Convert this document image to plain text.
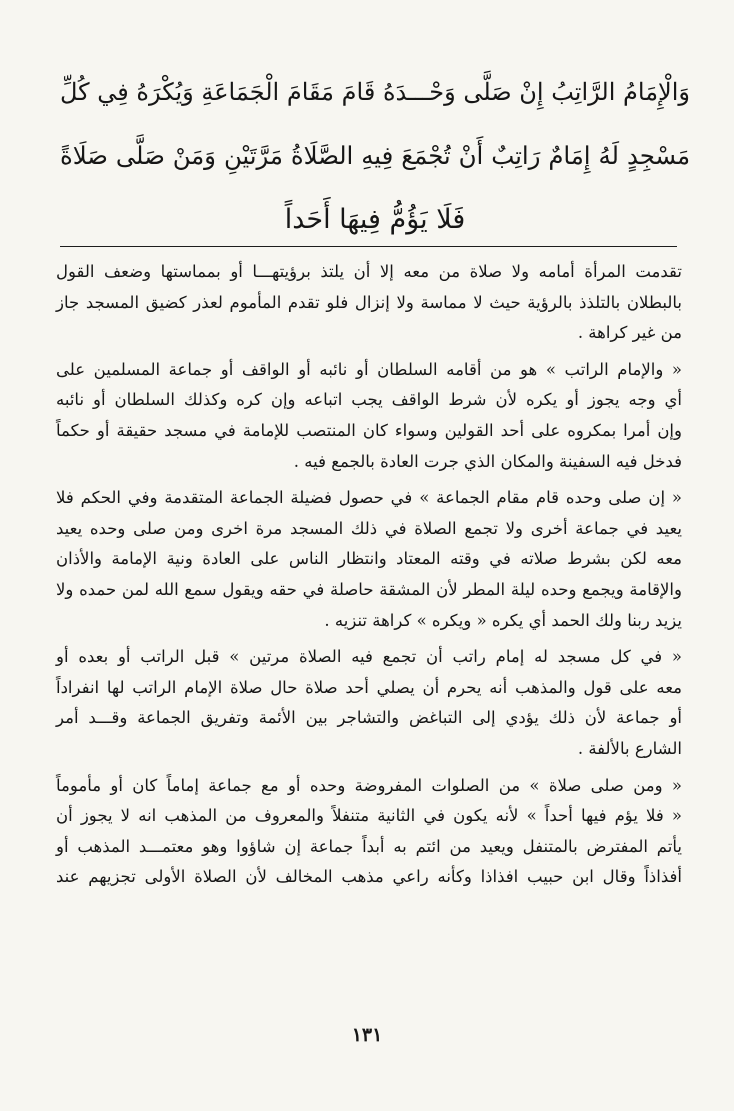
وَالْإِمَامُ الرَّاتِبُ إِنْ صَلَّى وَحْـــدَهُ قَامَ مَقَامَ الْجَمَاعَةِ وَيُكْرَهُ فِي كُلِّ
مَسْجِدٍ لَهُ إِمَامٌ رَاتِبٌ أَنْ تُجْمَعَ فِيهِ الصَّلَاةُ مَرَّتَيْنِ وَمَنْ صَلَّى صَلَاةً
فَلَا يَؤُمُّ فِيهَا أَحَداً
تقدمت المرأة أمامه ولا صلاة من معه إلا أن يلتذ برؤيتهـــا أو بمماستها وضعف القول
بالبطلان بالتلذذ بالرؤية حيث لا مماسة ولا إنزال فلو تقدم المأموم لعذر كضيق المسجد جاز
من غير كراهة .
« والإمام الراتب » هو من أقامه السلطان أو نائبه أو الواقف أو جماعة المسلمين على
أي وجه يجوز أو يكره لأن شرط الواقف يجب اتباعه وإن كره وكذلك السلطان أو نائبه
وإن أمرا بمكروه على أحد القولين وسواء كان المنتصب للإمامة في مسجد حقيقة أو حكماً
فدخل فيه السفينة والمكان الذي جرت العادة بالجمع فيه .
« إن صلى وحده قام مقام الجماعة » في حصول فضيلة الجماعة المتقدمة وفي الحكم فلا
يعيد في جماعة أخرى ولا تجمع الصلاة في ذلك المسجد مرة اخرى ومن صلى وحده يعيد
معه لكن بشرط صلاته في وقته المعتاد وانتظار الناس على العادة ونية الإمامة والأذان
والإقامة ويجمع وحده ليلة المطر لأن المشقة حاصلة في حقه ويقول سمع الله لمن حمده ولا
يزيد ربنا ولك الحمد أي يكره « ويكره » كراهة تنزيه .
« في كل مسجد له إمام راتب أن تجمع فيه الصلاة مرتين » قبل الراتب أو بعده أو
معه على قول والمذهب أنه يحرم أن يصلي أحد صلاة حال صلاة الإمام الراتب لها انفراداً
أو جماعة لأن ذلك يؤدي إلى التباغض والتشاجر بين الأئمة وتفريق الجماعة وقـــد أمر
الشارع بالألفة .
« ومن صلى صلاة » من الصلوات المفروضة وحده أو مع جماعة إماماً كان أو مأموماً
« فلا يؤم فيها أحداً » لأنه يكون في الثانية متنفلاً والمعروف من المذهب انه لا يجوز أن
يأتم المفترض بالمتنفل ويعيد من ائتم به أبداً جماعة إن شاؤوا وهو معتمـــد المذهب أو
أفذاذاً وقال ابن حبيب افذاذا وكأنه راعي مذهب المخالف لأن الصلاة الأولى تجزيهم عند
١٣١
